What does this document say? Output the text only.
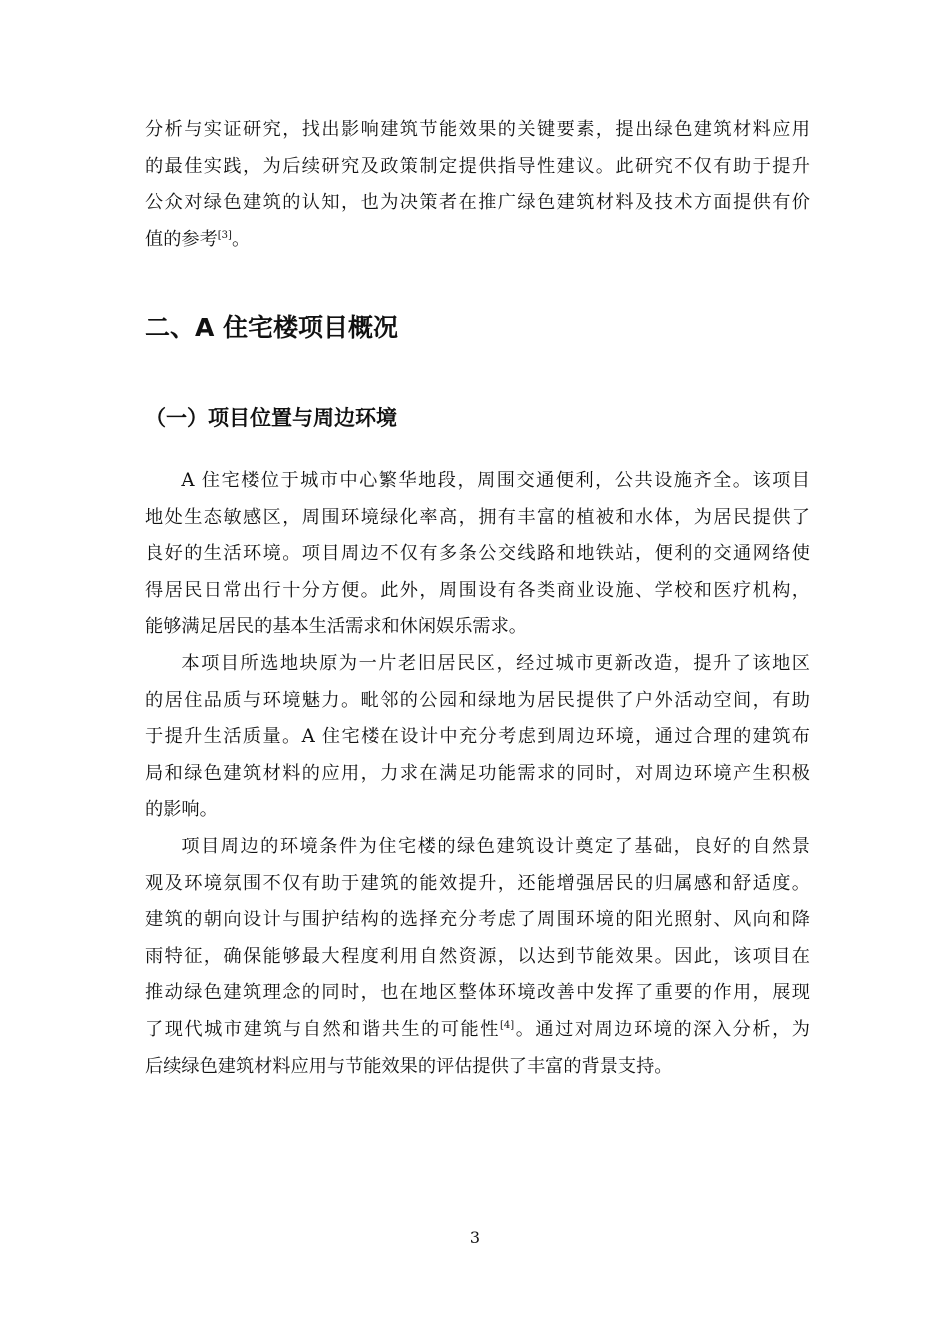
分析与实证研究，找出影响建筑节能效果的关键要素，提出绿色建筑材料应用
的最佳实践，为后续研究及政策制定提供指导性建议。此研究不仅有助于提升
公众对绿色建筑的认知，也为决策者在推广绿色建筑材料及技术方面提供有价
值的参考[3]。

二、A 住宅楼项目概况
（一）项目位置与周边环境

A 住宅楼位于城市中心繁华地段，周围交通便利，公共设施齐全。该项目
地处生态敏感区，周围环境绿化率高，拥有丰富的植被和水体，为居民提供了
良好的生活环境。项目周边不仅有多条公交线路和地铁站，便利的交通网络使
得居民日常出行十分方便。此外，周围设有各类商业设施、学校和医疗机构，
能够满足居民的基本生活需求和休闲娱乐需求。

本项目所选地块原为一片老旧居民区，经过城市更新改造，提升了该地区
的居住品质与环境魅力。毗邻的公园和绿地为居民提供了户外活动空间，有助
于提升生活质量。A 住宅楼在设计中充分考虑到周边环境，通过合理的建筑布
局和绿色建筑材料的应用，力求在满足功能需求的同时，对周边环境产生积极
的影响。

项目周边的环境条件为住宅楼的绿色建筑设计奠定了基础，良好的自然景
观及环境氛围不仅有助于建筑的能效提升，还能增强居民的归属感和舒适度。
建筑的朝向设计与围护结构的选择充分考虑了周围环境的阳光照射、风向和降
雨特征，确保能够最大程度利用自然资源，以达到节能效果。因此，该项目在
推动绿色建筑理念的同时，也在地区整体环境改善中发挥了重要的作用，展现
了现代城市建筑与自然和谐共生的可能性[4]。通过对周边环境的深入分析，为
后续绿色建筑材料应用与节能效果的评估提供了丰富的背景支持。

3
